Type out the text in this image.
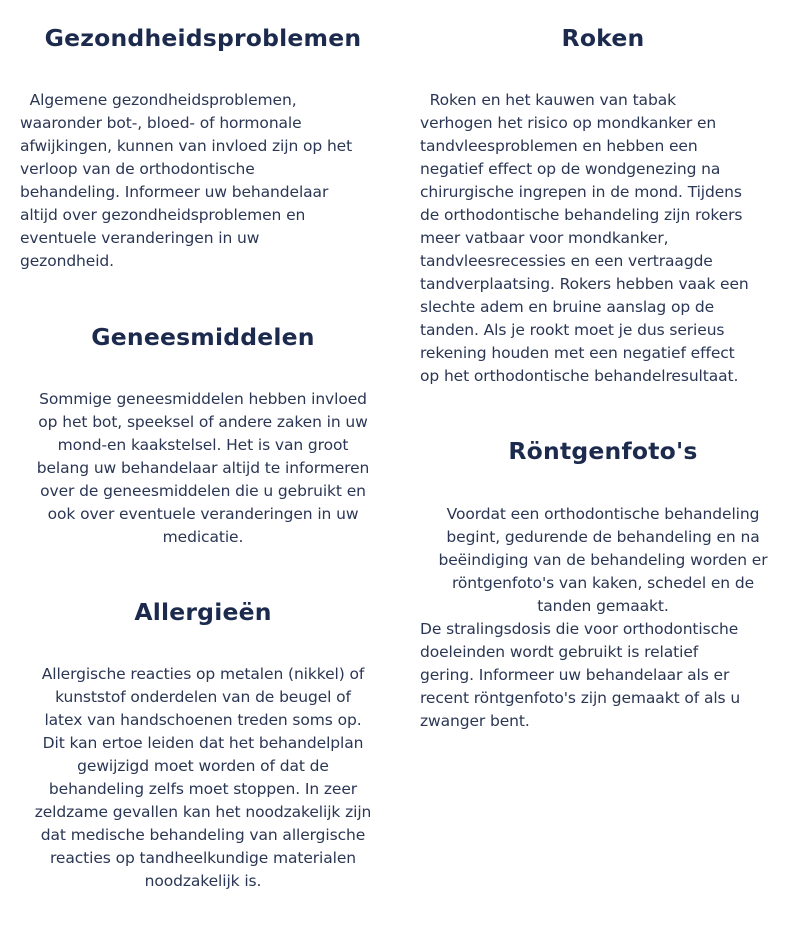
Gezondheidsproblemen

Algemene gezondheidsproblemen,
waaronder bot-, bloed- of hormonale
afwijkingen, kunnen van invloed zijn op het
verloop van de orthodontische
behandeling. Informeer uw behandelaar
altijd over gezondheidsproblemen en
eventuele veranderingen in uw
gezondheid.

Geneesmiddelen

Sommige geneesmiddelen hebben invloed
op het bot, speeksel of andere zaken in uw
mond-en kaakstelsel. Het is van groot
belang uw behandelaar altijd te informeren
over de geneesmiddelen die u gebruikt en
ook over eventuele veranderingen in uw
medicatie.

Allergieën

Allergische reacties op metalen (nikkel) of
kunststof onderdelen van de beugel of
latex van handschoenen treden soms op.
Dit kan ertoe leiden dat het behandelplan
gewijzigd moet worden of dat de
behandeling zelfs moet stoppen. In zeer
zeldzame gevallen kan het noodzakelijk zijn
dat medische behandeling van allergische
reacties op tandheelkundige materialen
noodzakelijk is.

Roken

Roken en het kauwen van tabak
verhogen het risico op mondkanker en
tandvleesproblemen en hebben een
negatief effect op de wondgenezing na
chirurgische ingrepen in de mond. Tijdens
de orthodontische behandeling zijn rokers
meer vatbaar voor mondkanker,
tandvleesrecessies en een vertraagde
tandverplaatsing. Rokers hebben vaak een
slechte adem en bruine aanslag op de
tanden. Als je rookt moet je dus serieus
rekening houden met een negatief effect
op het orthodontische behandelresultaat.

Röntgenfoto's

Voordat een orthodontische behandeling
begint, gedurende de behandeling en na
beëindiging van de behandeling worden er
röntgenfoto's van kaken, schedel en de
tanden gemaakt.

De stralingsdosis die voor orthodontische
doeleinden wordt gebruikt is relatief
gering. Informeer uw behandelaar als er
recent röntgenfoto's zijn gemaakt of als u
zwanger bent.
